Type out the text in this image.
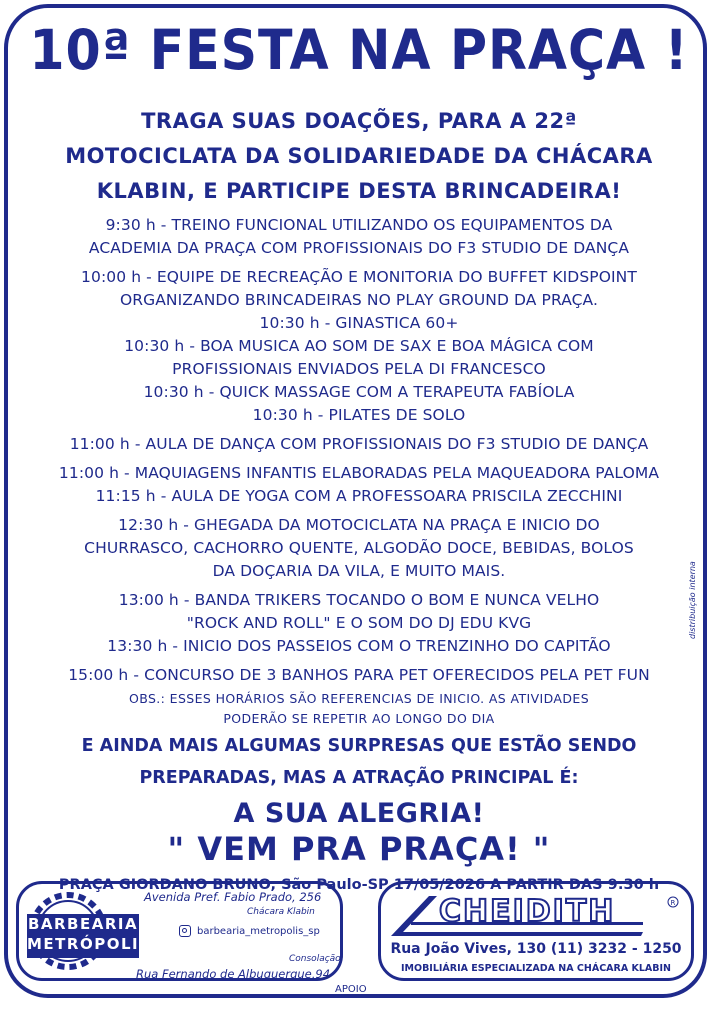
10ª FESTA NA PRAÇA !
TRAGA SUAS DOAÇÕES, PARA A 22ª
MOTOCICLATA DA SOLIDARIEDADE DA CHÁCARA
KLABIN, E PARTICIPE DESTA BRINCADEIRA!
9:30 h - TREINO FUNCIONAL UTILIZANDO OS EQUIPAMENTOS DA
ACADEMIA DA PRAÇA COM PROFISSIONAIS DO F3 STUDIO DE DANÇA
10:00 h - EQUIPE DE RECREAÇÃO E MONITORIA DO BUFFET KIDSPOINT
ORGANIZANDO BRINCADEIRAS NO PLAY GROUND DA PRAÇA.
10:30 h - GINASTICA 60+
10:30 h - BOA MUSICA AO SOM DE SAX E BOA MÁGICA COM
PROFISSIONAIS ENVIADOS PELA DI FRANCESCO
10:30 h - QUICK MASSAGE COM A TERAPEUTA FABÍOLA
10:30 h - PILATES DE SOLO
11:00 h - AULA DE DANÇA COM PROFISSIONAIS DO F3 STUDIO DE DANÇA
11:00 h - MAQUIAGENS INFANTIS ELABORADAS PELA MAQUEADORA PALOMA
11:15 h - AULA DE YOGA COM A PROFESSOARA PRISCILA ZECCHINI
12:30 h - GHEGADA DA MOTOCICLATA NA PRAÇA E INICIO DO
CHURRASCO, CACHORRO QUENTE, ALGODÃO DOCE, BEBIDAS, BOLOS
DA DOÇARIA DA VILA, E MUITO MAIS.
13:00 h - BANDA TRIKERS TOCANDO O BOM E NUNCA VELHO
"ROCK AND ROLL" E O SOM DO DJ EDU KVG
13:30 h - INICIO DOS PASSEIOS COM O TRENZINHO DO CAPITÃO
15:00 h - CONCURSO DE 3 BANHOS PARA PET OFERECIDOS PELA PET FUN
OBS.: ESSES HORÁRIOS SÃO REFERENCIAS DE INICIO. AS ATIVIDADES
PODERÃO SE REPETIR AO LONGO DO DIA
E AINDA MAIS ALGUMAS SURPRESAS QUE ESTÃO SENDO
PREPARADAS, MAS A ATRAÇÃO PRINCIPAL É:
A SUA ALEGRIA!
" VEM PRA PRAÇA! "
PRAÇA GIORDANO BRUNO, São Paulo-SP 17/05/2026 A PARTIR DAS 9:30 h
distribuição interna
BARBEARIA
METRÓPOLIS
Avenida Pref. Fabio Prado, 256
Chácara Klabin
barbearia_metropolis_sp
Consolação:
Rua Fernando de Albuquerque,94
APOIO
CHEIDITH	R
Rua João Vives, 130 (11) 3232 - 1250
IMOBILIÁRIA ESPECIALIZADA NA CHÁCARA KLABIN
